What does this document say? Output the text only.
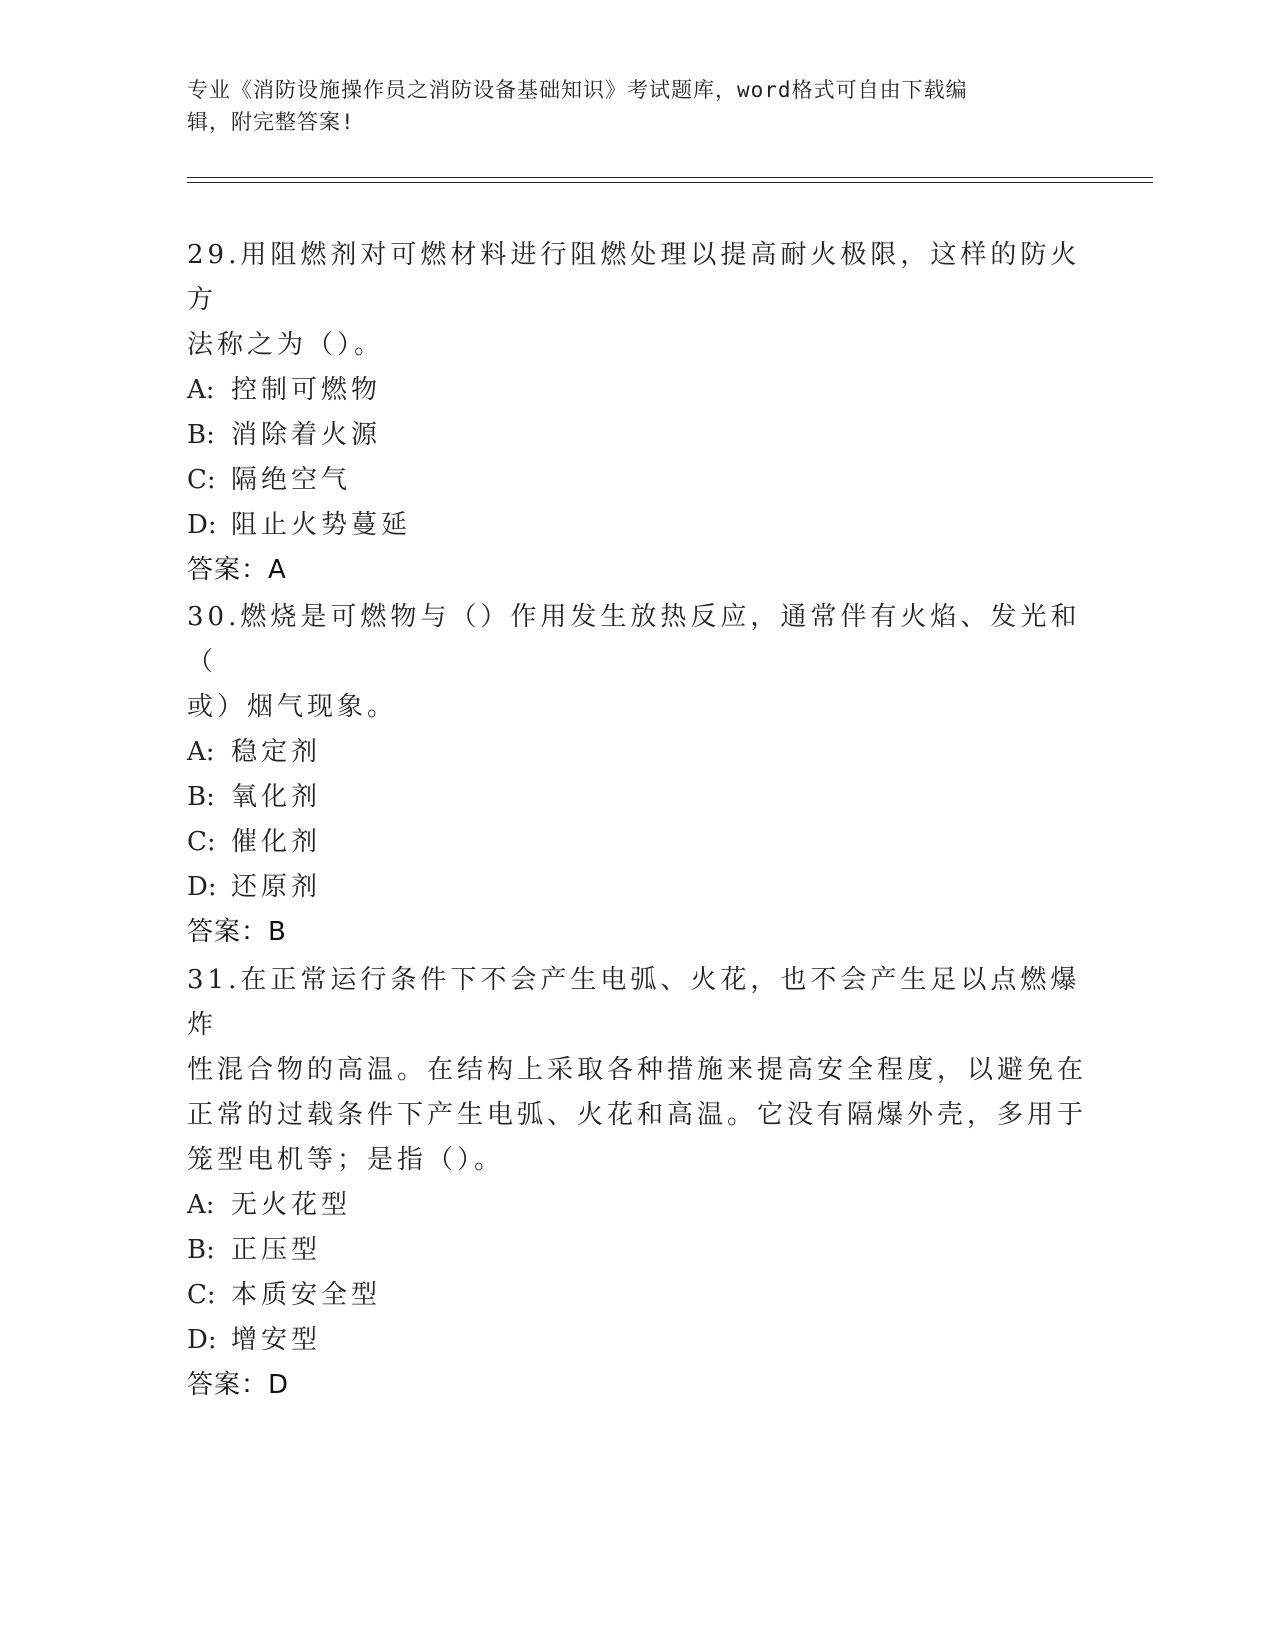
专业《消防设施操作员之消防设备基础知识》考试题库，word格式可自由下载编
辑，附完整答案!
29.用阻燃剂对可燃材料进行阻燃处理以提高耐火极限，这样的防火方
法称之为（）。
A: 控制可燃物
B: 消除着火源
C: 隔绝空气
D: 阻止火势蔓延
答案：A
30.燃烧是可燃物与（）作用发生放热反应，通常伴有火焰、发光和（
或）烟气现象。
A: 稳定剂
B: 氧化剂
C: 催化剂
D: 还原剂
答案：B
31.在正常运行条件下不会产生电弧、火花，也不会产生足以点燃爆炸
性混合物的高温。在结构上采取各种措施来提高安全程度，以避免在
正常的过载条件下产生电弧、火花和高温。它没有隔爆外壳，多用于
笼型电机等；是指（）。
A: 无火花型
B: 正压型
C: 本质安全型
D: 增安型
答案：D
